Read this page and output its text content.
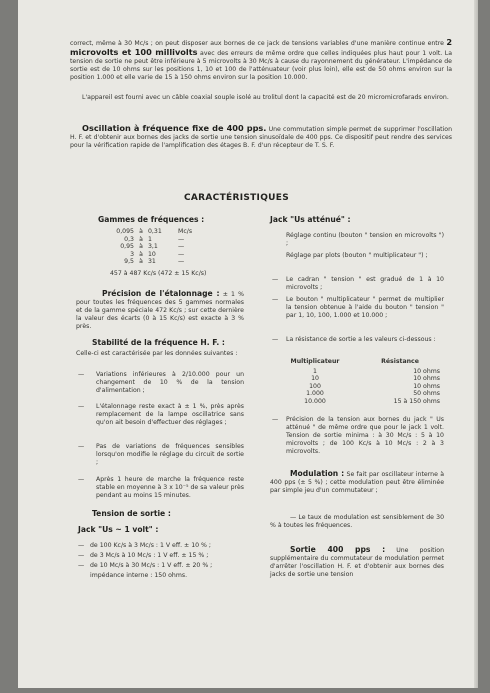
correct, même à 30 Mc/s ; on peut disposer aux bornes de ce jack de tensions variables d'une manière continue entre 2 microvolts et 100 millivolts avec des erreurs de même ordre que celles indiquées plus haut pour 1 volt. La tension de sortie ne peut être inférieure à 5 microvolts à 30 Mc/s à cause du rayonnement du générateur. L'impédance de sortie est de 10 ohms sur les positions 1, 10 et 100 de l'atténuateur (voir plus loin), elle est de 50 ohms environ sur la position 1.000 et elle varie de 15 à 150 ohms environ sur la position 10.000.

L'appareil est fourni avec un câble coaxial souple isolé au trolitul dont la capacité est de 20 micromicrofarads environ.

Oscillation à fréquence fixe de 400 pps. Une commutation simple permet de supprimer l'oscillation H. F. et d'obtenir aux bornes des jacks de sortie une tension sinusoïdale de 400 pps. Ce dispositif peut rendre des services pour la vérification rapide de l'amplification des étages B. F. d'un récepteur de T. S. F.

CARACTÉRISTIQUES
Gammes de fréquences :
0,095 à 0,31	Mc/s
0,3 à 1	—
0,95 à 3,1	—
3 à 10	—
9,5 à 31	—
457 à 487 Kc/s (472 ± 15 Kc/s)

Précision de l'étalonnage : ± 1 % pour toutes les fréquences des 5 gammes normales et de la gamme spéciale 472 Kc/s ; sur cette dernière la valeur des écarts (0 à 15 Kc/s) est exacte à 3 % près.

Stabilité de la fréquence H. F. :

Celle-ci est caractérisée par les données suivantes :

— Variations inférieures à 2/10.000 pour un changement de 10 % de la tension d'alimentation ;

— L'étalonnage reste exact à ± 1 %, près après remplacement de la lampe oscillatrice sans qu'on ait besoin d'effectuer des réglages ;

— Pas de variations de fréquences sensibles lorsqu'on modifie le réglage du circuit de sortie ;

— Après 1 heure de marche la fréquence reste stable en moyenne à 3 x 10⁻⁵ de sa valeur près pendant au moins 15 minutes.

Tension de sortie :
Jack "Us ~ 1 volt" :
— de 100 Kc/s à 3 Mc/s : 1 V eff. ± 10 % ;

— de 3 Mc/s à 10 Mc/s : 1 V eff. ± 15 % ;

— de 10 Mc/s à 30 Mc/s : 1 V eff. ± 20 % ;

impédance interne : 150 ohms.

Jack "Us atténué" :

Réglage continu (bouton " tension en microvolts ") ;

Réglage par plots (bouton " multiplicateur ") ;

— Le cadran " tension " est gradué de 1 à 10 microvolts ;

— Le bouton " multiplicateur " permet de multiplier la tension obtenue à l'aide du bouton " tension " par 1, 10, 100, 1.000 et 10.000 ;

— La résistance de sortie a les valeurs ci-dessous :

Multiplicateur	Résistance
1	10 ohms
10	10 ohms
100	10 ohms
1.000	50 ohms
10.000	15 à 150 ohms
— Précision de la tension aux bornes du jack " Us atténué " de même ordre que pour le jack 1 volt. Tension de sortie minima : à 30 Mc/s : 5 à 10 microvolts ; de 100 Kc/s à 10 Mc/s : 2 à 3 microvolts.

Modulation : Se fait par oscillateur interne à 400 pps (± 5 %) ; cette modulation peut être éliminée par simple jeu d'un commutateur ;

— Le taux de modulation est sensiblement de 30 % à toutes les fréquences.

Sortie 400 pps : Une position supplémentaire du commutateur de modulation permet d'arrêter l'oscillation H. F. et d'obtenir aux bornes des jacks de sortie une tension
